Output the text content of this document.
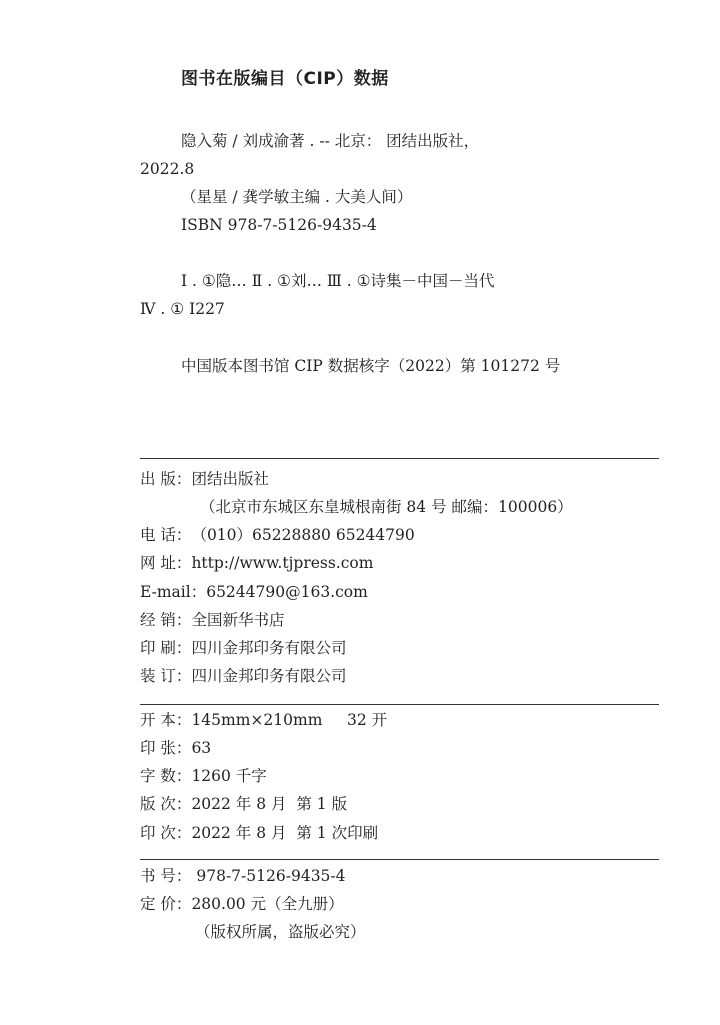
图书在版编目（CIP）数据
隐入菊 / 刘成渝著 . -- 北京： 团结出版社，
2022.8
（星星 / 龚学敏主编 . 大美人间）
ISBN 978-7-5126-9435-4
Ⅰ . ①隐… Ⅱ . ①刘… Ⅲ . ①诗集－中国－当代
Ⅳ . ① I227
中国版本图书馆 CIP 数据核字（2022）第 101272 号
出 版：团结出版社
（北京市东城区东皇城根南街 84 号 邮编：100006）
电 话：（010）65228880 65244790
网 址：http://www.tjpress.com
E-mail：65244790@163.com
经 销：全国新华书店
印 刷：四川金邦印务有限公司
装 订：四川金邦印务有限公司
开 本：145mm×210mm     32 开
印 张：63
字 数：1260 千字
版 次：2022 年 8 月  第 1 版
印 次：2022 年 8 月  第 1 次印刷
书 号： 978-7-5126-9435-4
定 价：280.00 元（全九册）
（版权所属，盗版必究）
